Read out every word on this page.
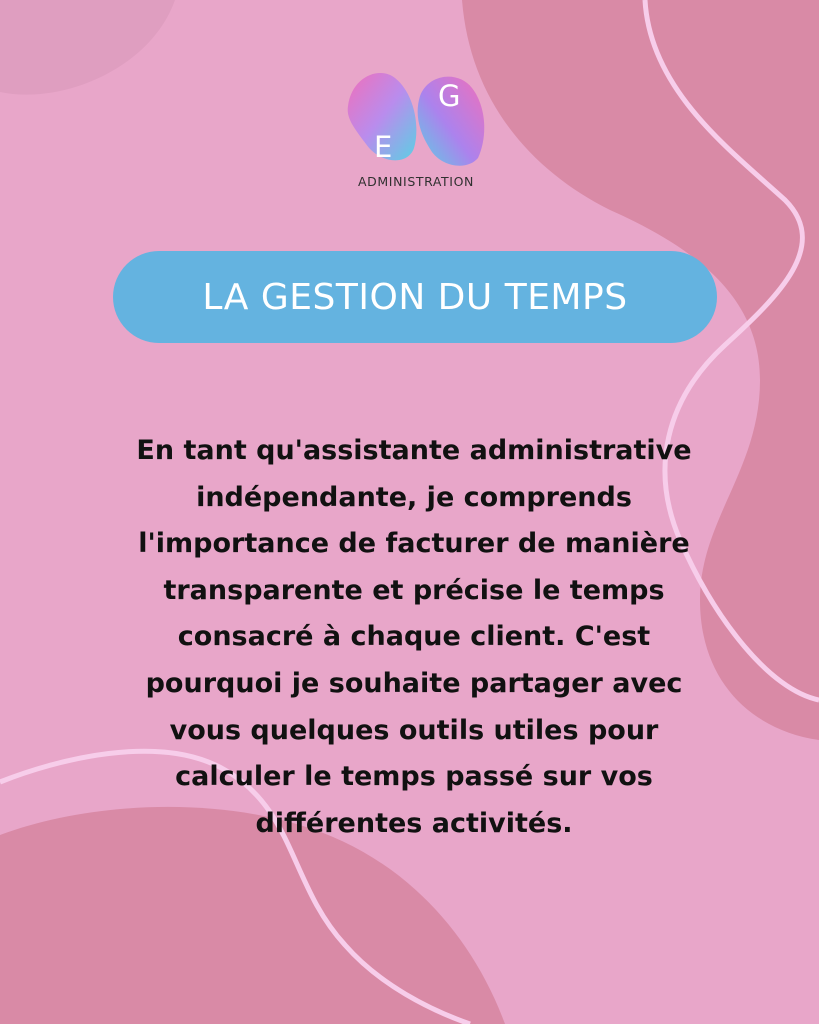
G
E
ADMINISTRATION
LA GESTION DU TEMPS
En tant qu'assistante administrative
indépendante, je comprends
l'importance de facturer de manière
transparente et précise le temps
consacré à chaque client. C'est
pourquoi je souhaite partager avec
vous quelques outils utiles pour
calculer le temps passé sur vos
différentes activités.
